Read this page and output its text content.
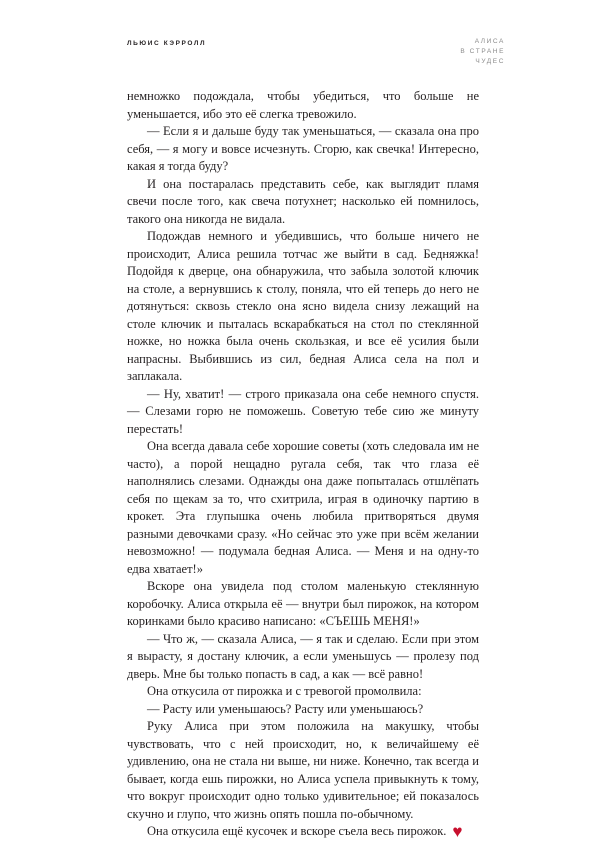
ЛЬЮИС КЭРРОЛЛ	АЛИСА
В СТРАНЕ
ЧУДЕС

немножко подождала, чтобы убедиться, что больше не уменьшается, ибо это её слегка тревожило.

— Если я и дальше буду так уменьшаться, — сказала она про себя, — я могу и вовсе исчезнуть. Сгорю, как свечка! Интересно, какая я тогда буду?

И она постаралась представить себе, как выглядит пламя свечи после того, как свеча потухнет; насколько ей помнилось, такого она никогда не видала.

Подождав немного и убедившись, что больше ничего не происходит, Алиса решила тотчас же выйти в сад. Бедняжка! Подойдя к дверце, она обнаружила, что забыла золотой ключик на столе, а вернувшись к столу, поняла, что ей теперь до него не дотянуться: сквозь стекло она ясно видела снизу лежащий на столе ключик и пыталась вскарабкаться на стол по стеклянной ножке, но ножка была очень скользкая, и все её усилия были напрасны. Выбившись из сил, бедная Алиса села на пол и заплакала.

— Ну, хватит! — строго приказала она себе немного спустя. — Слезами горю не поможешь. Советую тебе сию же минуту перестать!

Она всегда давала себе хорошие советы (хоть следовала им не часто), а порой нещадно ругала себя, так что глаза её наполнялись слезами. Однажды она даже попыталась отшлёпать себя по щекам за то, что схитрила, играя в одиночку партию в крокет. Эта глупышка очень любила притворяться двумя разными девочками сразу. «Но сейчас это уже при всём желании невозможно! — подумала бедная Алиса. — Меня и на одну-то едва хватает!»

Вскоре она увидела под столом маленькую стеклянную коробочку. Алиса открыла её — внутри был пирожок, на котором коринками было красиво написано: «СЪЕШЬ МЕНЯ!»

— Что ж, — сказала Алиса, — я так и сделаю. Если при этом я вырасту, я достану ключик, а если уменьшусь — пролезу под дверь. Мне бы только попасть в сад, а как — всё равно!

Она откусила от пирожка и с тревогой промолвила:

— Расту или уменьшаюсь? Расту или уменьшаюсь?

Руку Алиса при этом положила на макушку, чтобы чувствовать, что с ней происходит, но, к величайшему её удивлению, она не стала ни выше, ни ниже. Конечно, так всегда и бывает, когда ешь пирожки, но Алиса успела привыкнуть к тому, что вокруг происходит одно только удивительное; ей показалось скучно и глупо, что жизнь опять пошла по-обычному.

Она откусила ещё кусочек и вскоре съела весь пирожок. ♥
